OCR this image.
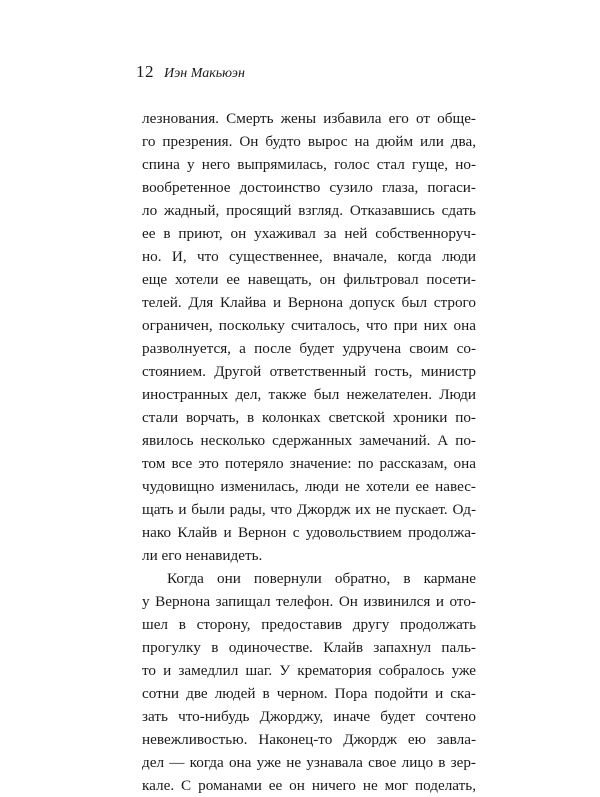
12 Иэн Макьюэн
лезнования. Смерть жены избавила его от обще-
го презрения. Он будто вырос на дюйм или два,
спина у него выпрямилась, голос стал гуще, но-
вообретенное достоинство сузило глаза, погаси-
ло жадный, просящий взгляд. Отказавшись сдать
ее в приют, он ухаживал за ней собственноруч-
но. И, что существеннее, вначале, когда люди
еще хотели ее навещать, он фильтровал посети-
телей. Для Клайва и Вернона допуск был строго
ограничен, поскольку считалось, что при них она
разволнуется, а после будет удручена своим со-
стоянием. Другой ответственный гость, министр
иностранных дел, также был нежелателен. Люди
стали ворчать, в колонках светской хроники по-
явилось несколько сдержанных замечаний. А по-
том все это потеряло значение: по рассказам, она
чудовищно изменилась, люди не хотели ее навес-
щать и были рады, что Джордж их не пускает. Од-
нако Клайв и Вернон с удовольствием продолжа-
ли его ненавидеть.
Когда они повернули обратно, в кармане
у Вернона запищал телефон. Он извинился и ото-
шел в сторону, предоставив другу продолжать
прогулку в одиночестве. Клайв запахнул паль-
то и замедлил шаг. У крематория собралось уже
сотни две людей в черном. Пора подойти и ска-
зать что-нибудь Джорджу, иначе будет сочтено
невежливостью. Наконец-то Джордж ею завла-
дел — когда она уже не узнавала свое лицо в зер-
кале. С романами ее он ничего не мог поделать,
